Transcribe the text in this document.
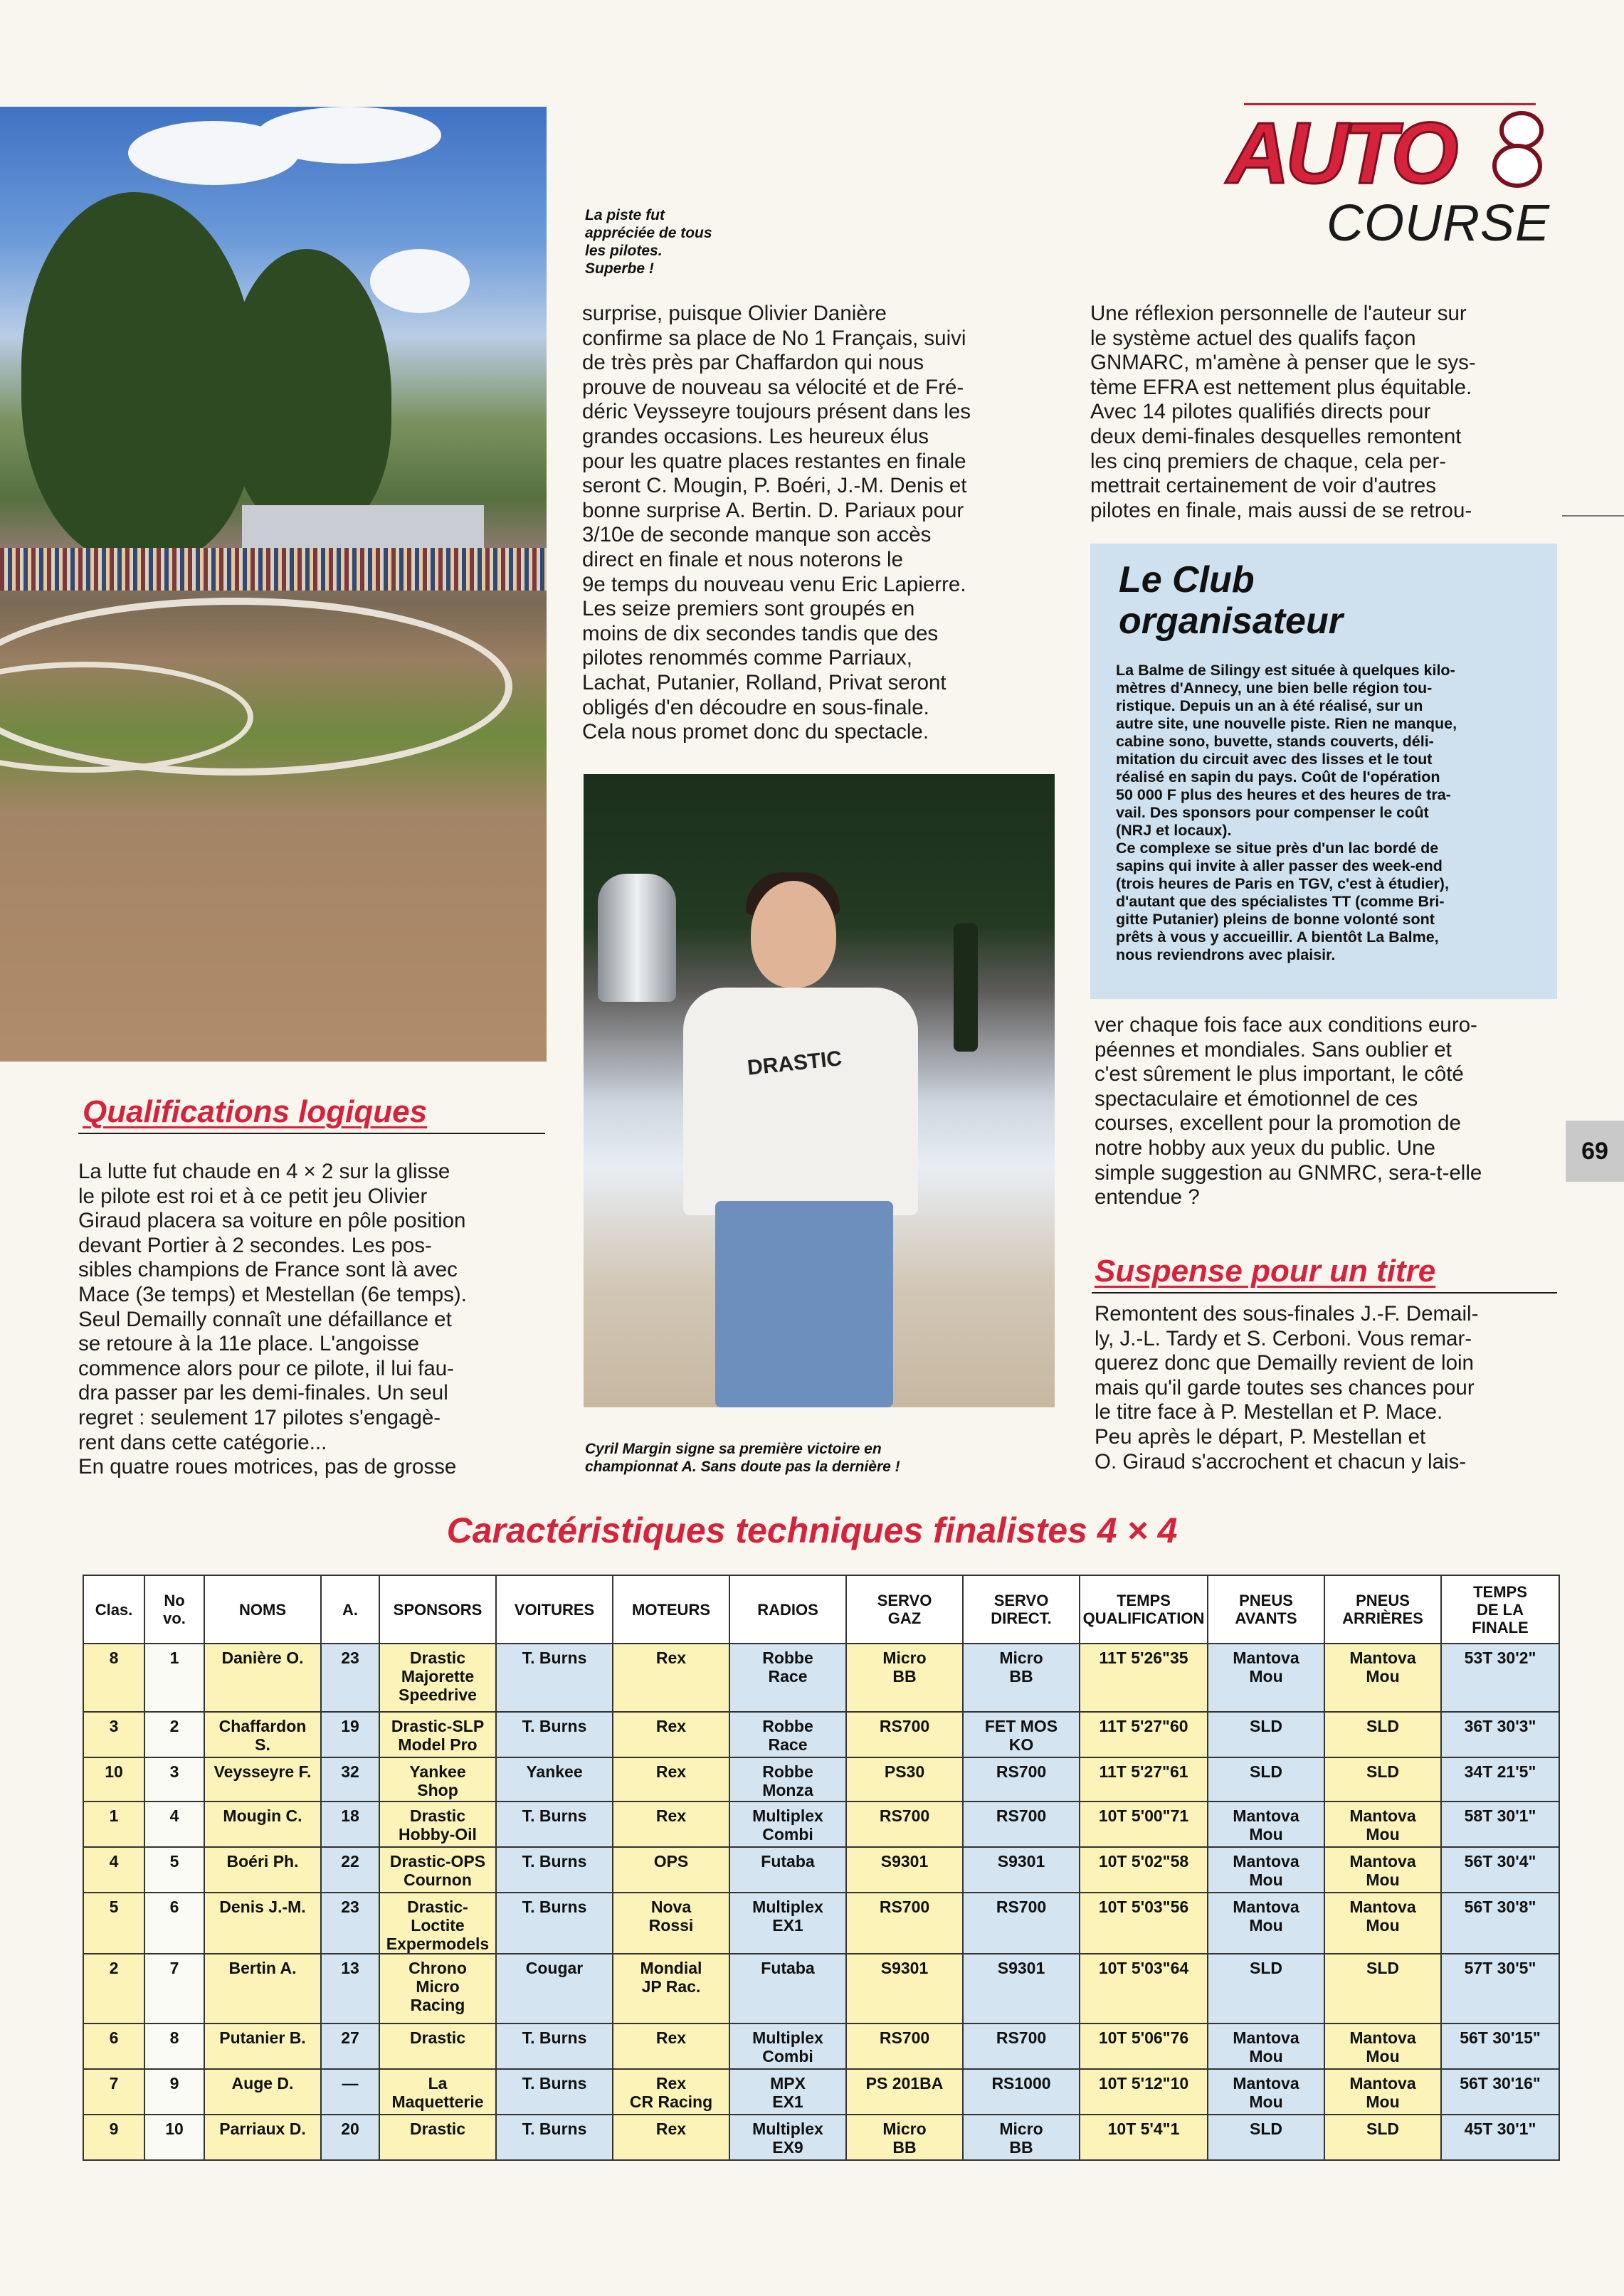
DRASTIC
La piste fut
appréciée de tous
les pilotes.
Superbe !
Cyril Margin signe sa première victoire en
championnat A. Sans doute pas la dernière !
AUTO	8
COURSE

surprise, puisque Olivier Danière

confirme sa place de No 1 Français, suivi

de très près par Chaffardon qui nous

prouve de nouveau sa vélocité et de Fré-

déric Veysseyre toujours présent dans les

grandes occasions. Les heureux élus

pour les quatre places restantes en finale

seront C. Mougin, P. Boéri, J.-M. Denis et

bonne surprise A. Bertin. D. Pariaux pour

3/10e de seconde manque son accès

direct en finale et nous noterons le

9e temps du nouveau venu Eric Lapierre.

Les seize premiers sont groupés en

moins de dix secondes tandis que des

pilotes renommés comme Parriaux,

Lachat, Putanier, Rolland, Privat seront

obligés d'en découdre en sous-finale.

Cela nous promet donc du spectacle.

Une réflexion personnelle de l'auteur sur

le système actuel des qualifs façon

GNMARC, m'amène à penser que le sys-

tème EFRA est nettement plus équitable.

Avec 14 pilotes qualifiés directs pour

deux demi-finales desquelles remontent

les cinq premiers de chaque, cela per-

mettrait certainement de voir d'autres

pilotes en finale, mais aussi de se retrou-

Le Club
organisateur

La Balme de Silingy est située à quelques kilo-

mètres d'Annecy, une bien belle région tou-

ristique. Depuis un an à été réalisé, sur un

autre site, une nouvelle piste. Rien ne manque,

cabine sono, buvette, stands couverts, déli-

mitation du circuit avec des lisses et le tout

réalisé en sapin du pays. Coût de l'opération

50 000 F plus des heures et des heures de tra-

vail. Des sponsors pour compenser le coût

(NRJ et locaux).

Ce complexe se situe près d'un lac bordé de

sapins qui invite à aller passer des week-end

(trois heures de Paris en TGV, c'est à étudier),

d'autant que des spécialistes TT (comme Bri-

gitte Putanier) pleins de bonne volonté sont

prêts à vous y accueillir. A bientôt La Balme,

nous reviendrons avec plaisir.

ver chaque fois face aux conditions euro-

péennes et mondiales. Sans oublier et

c'est sûrement le plus important, le côté

spectaculaire et émotionnel de ces

courses, excellent pour la promotion de

notre hobby aux yeux du public. Une

simple suggestion au GNMRC, sera-t-elle

entendue ?

69
Qualifications logiques

La lutte fut chaude en 4 × 2 sur la glisse

le pilote est roi et à ce petit jeu Olivier

Giraud placera sa voiture en pôle position

devant Portier à 2 secondes. Les pos-

sibles champions de France sont là avec

Mace (3e temps) et Mestellan (6e temps).

Seul Demailly connaît une défaillance et

se retoure à la 11e place. L'angoisse

commence alors pour ce pilote, il lui fau-

dra passer par les demi-finales. Un seul

regret : seulement 17 pilotes s'engagè-

rent dans cette catégorie...

En quatre roues motrices, pas de grosse

Suspense pour un titre

Remontent des sous-finales J.-F. Demail-

ly, J.-L. Tardy et S. Cerboni. Vous remar-

querez donc que Demailly revient de loin

mais qu'il garde toutes ses chances pour

le titre face à P. Mestellan et P. Mace.

Peu après le départ, P. Mestellan et

O. Giraud s'accrochent et chacun y lais-

Caractéristiques techniques finalistes 4 × 4
Clas.	No
vo.	NOMS	A.	SPONSORS	VOITURES	MOTEURS	RADIOS	SERVO
GAZ	SERVO
DIRECT.	TEMPS
QUALIFICATION	PNEUS
AVANTS	PNEUS
ARRIÈRES	TEMPS
DE LA
FINALE
8	1	Danière O.	23	Drastic
Majorette
Speedrive	T. Burns	Rex	Robbe
Race	Micro
BB	Micro
BB	11T 5'26"35	Mantova
Mou	Mantova
Mou	53T 30'2"
3	2	Chaffardon
S.	19	Drastic-SLP
Model Pro	T. Burns	Rex	Robbe
Race	RS700	FET MOS
KO	11T 5'27"60	SLD	SLD	36T 30'3"
10	3	Veysseyre F.	32	Yankee
Shop	Yankee	Rex	Robbe
Monza	PS30	RS700	11T 5'27"61	SLD	SLD	34T 21'5"
1	4	Mougin C.	18	Drastic
Hobby-Oil	T. Burns	Rex	Multiplex
Combi	RS700	RS700	10T 5'00"71	Mantova
Mou	Mantova
Mou	58T 30'1"
4	5	Boéri Ph.	22	Drastic-OPS
Cournon	T. Burns	OPS	Futaba	S9301	S9301	10T 5'02"58	Mantova
Mou	Mantova
Mou	56T 30'4"
5	6	Denis J.-M.	23	Drastic-
Loctite
Expermodels	T. Burns	Nova
Rossi	Multiplex
EX1	RS700	RS700	10T 5'03"56	Mantova
Mou	Mantova
Mou	56T 30'8"
2	7	Bertin A.	13	Chrono
Micro
Racing	Cougar	Mondial
JP Rac.	Futaba	S9301	S9301	10T 5'03"64	SLD	SLD	57T 30'5"
6	8	Putanier B.	27	Drastic	T. Burns	Rex	Multiplex
Combi	RS700	RS700	10T 5'06"76	Mantova
Mou	Mantova
Mou	56T 30'15"
7	9	Auge D.	—	La
Maquetterie	T. Burns	Rex
CR Racing	MPX
EX1	PS 201BA	RS1000	10T 5'12"10	Mantova
Mou	Mantova
Mou	56T 30'16"
9	10	Parriaux D.	20	Drastic	T. Burns	Rex	Multiplex
EX9	Micro
BB	Micro
BB	10T 5'4"1	SLD	SLD	45T 30'1"
